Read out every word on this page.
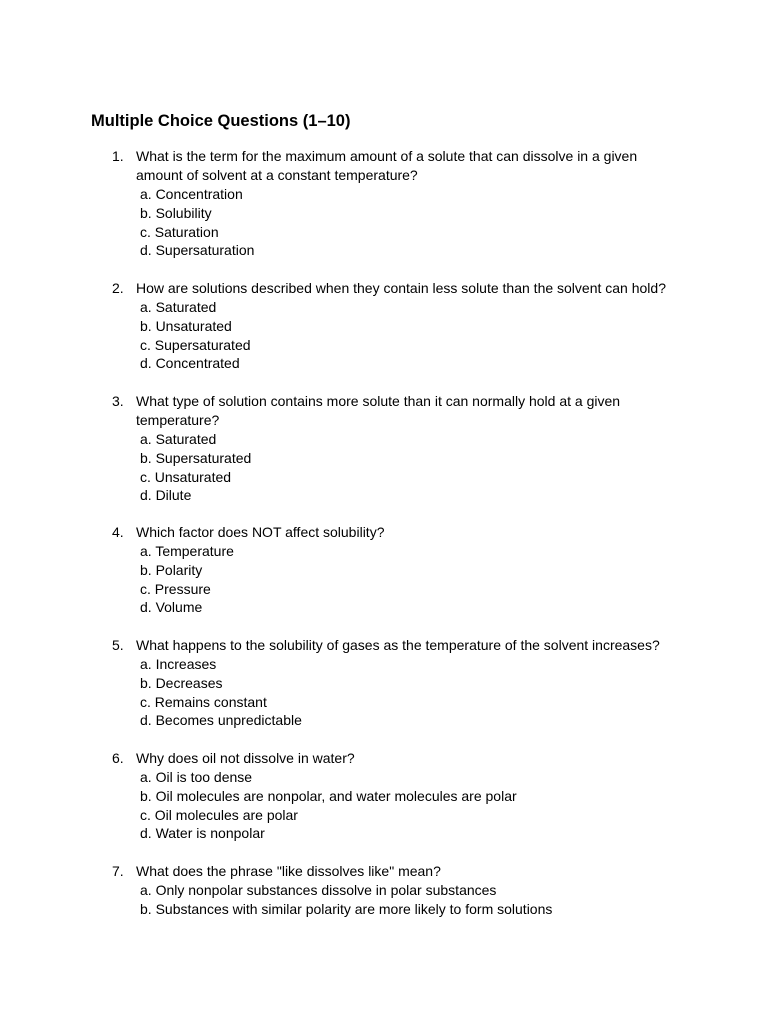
Multiple Choice Questions (1–10)
1. What is the term for the maximum amount of a solute that can dissolve in a given amount of solvent at a constant temperature?
a. Concentration
b. Solubility
c. Saturation
d. Supersaturation
2. How are solutions described when they contain less solute than the solvent can hold?
a. Saturated
b. Unsaturated
c. Supersaturated
d. Concentrated
3. What type of solution contains more solute than it can normally hold at a given temperature?
a. Saturated
b. Supersaturated
c. Unsaturated
d. Dilute
4. Which factor does NOT affect solubility?
a. Temperature
b. Polarity
c. Pressure
d. Volume
5. What happens to the solubility of gases as the temperature of the solvent increases?
a. Increases
b. Decreases
c. Remains constant
d. Becomes unpredictable
6. Why does oil not dissolve in water?
a. Oil is too dense
b. Oil molecules are nonpolar, and water molecules are polar
c. Oil molecules are polar
d. Water is nonpolar
7. What does the phrase "like dissolves like" mean?
a. Only nonpolar substances dissolve in polar substances
b. Substances with similar polarity are more likely to form solutions
